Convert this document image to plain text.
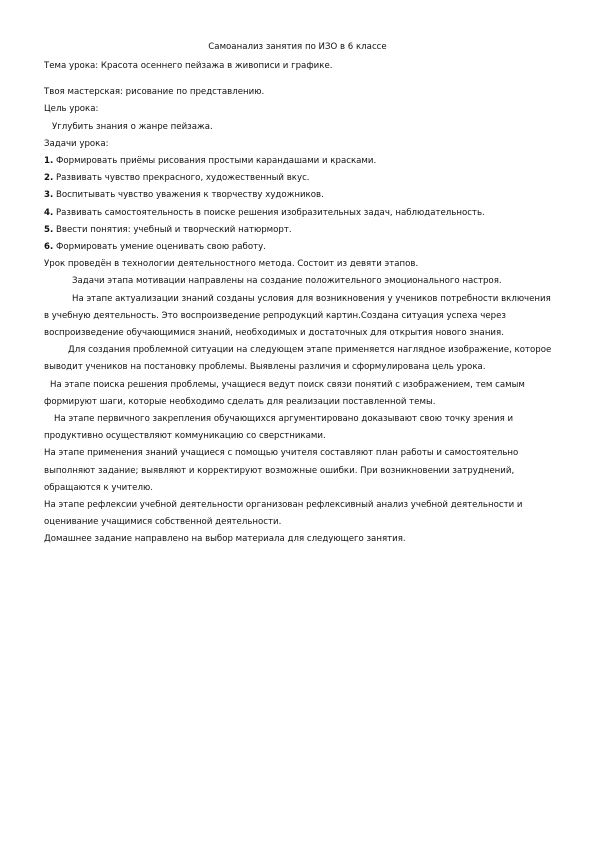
Самоанализ занятия по ИЗО в 6 классе

Тема урока: Красота осеннего пейзажа в живописи и графике.

Твоя мастерская: рисование по представлению.

Цель урока:

Углубить знания о жанре пейзажа.

Задачи урока:

1. Формировать приёмы рисования простыми карандашами и красками.

2. Развивать чувство прекрасного, художественный вкус.

3. Воспитывать чувство уважения к творчеству художников.

4. Развивать самостоятельность в поиске решения изобразительных задач, наблюдательность.

5. Ввести понятия: учебный и творческий натюрморт.

6. Формировать умение оценивать свою работу.

Урок проведён в технологии деятельностного метода. Состоит из девяти этапов.

Задачи этапа мотивации направлены на создание положительного эмоционального настроя.

На этапе актуализации знаний созданы условия для возникновения у учеников потребности включения в учебную деятельность. Это воспроизведение репродукций картин.Создана ситуация успеха через воспроизведение обучающимися знаний, необходимых и достаточных для открытия нового знания.

Для создания проблемной ситуации на следующем этапе применяется наглядное изображение, которое выводит учеников на постановку проблемы. Выявлены различия и сформулирована цель урока.

На этапе поиска решения проблемы, учащиеся ведут поиск связи понятий с изображением, тем самым формируют шаги, которые необходимо сделать для реализации поставленной темы.

На этапе первичного закрепления обучающихся аргументировано доказывают свою точку зрения и продуктивно осуществляют коммуникацию со сверстниками.

На этапе применения знаний учащиеся с помощью учителя составляют план работы и самостоятельно выполняют задание; выявляют и корректируют возможные ошибки. При возникновении затруднений, обращаются к учителю.

На этапе рефлексии учебной деятельности организован рефлексивный анализ учебной деятельности и оценивание учащимися собственной деятельности.

Домашнее задание направлено на выбор материала для следующего занятия.
